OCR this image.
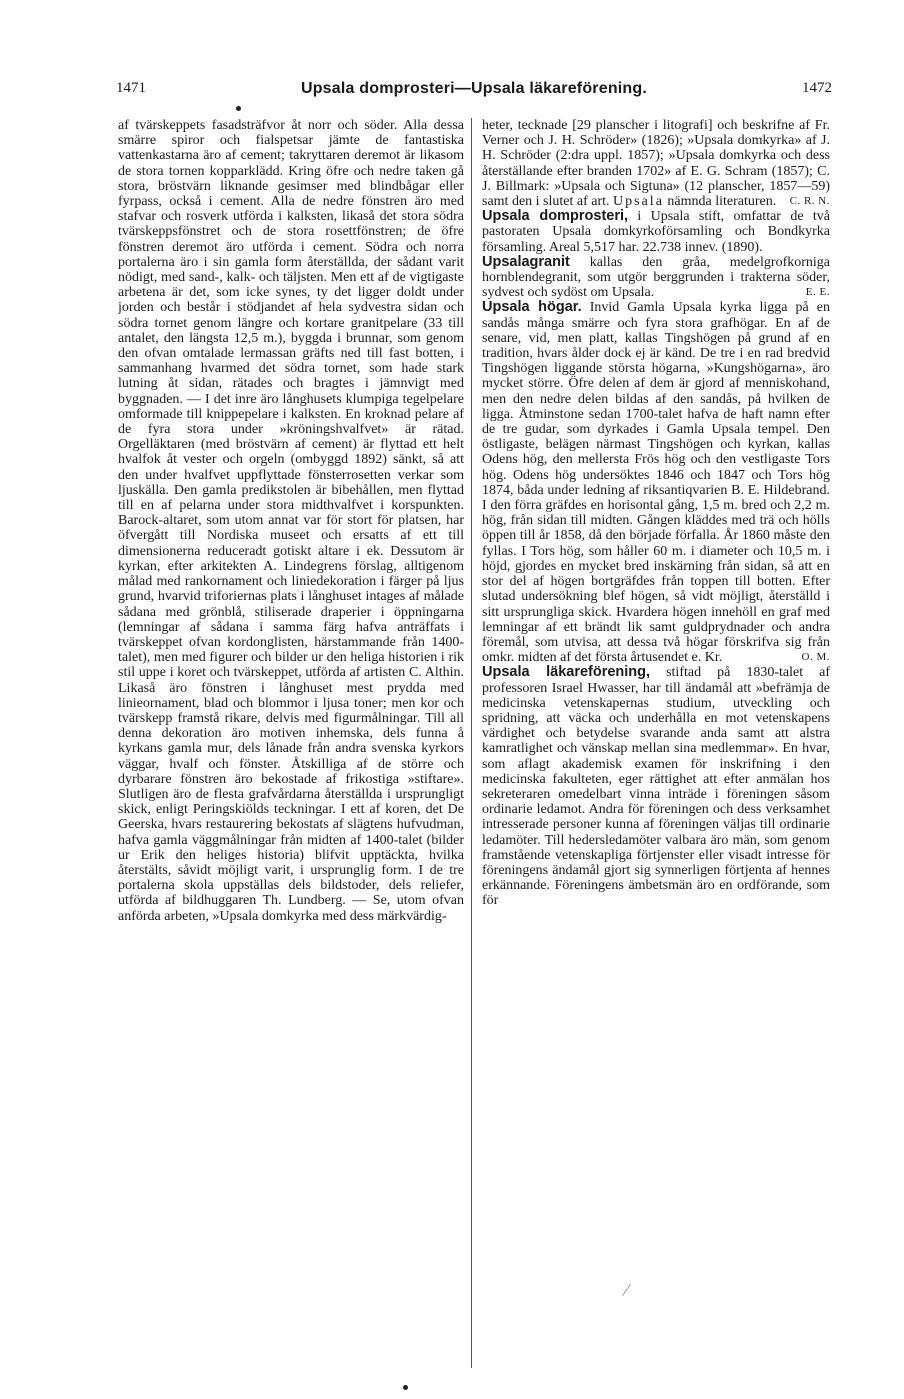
1471	Upsala domprosteri—Upsala läkareförening.	1472

af tvärskeppets fasadsträfvor åt norr och söder. Alla dessa smärre spiror och fialspetsar jämte de fantastiska vattenkastarna äro af cement; takryttaren deremot är likasom de stora tornen kopparklädd. Kring öfre och nedre taken gå stora, bröstvärn liknande gesimser med blindbågar eller fyrpass, också i cement. Alla de nedre fönstren äro med stafvar och rosverk utförda i kalksten, likaså det stora södra tvärskeppsfönstret och de stora rosettfönstren; de öfre fönstren deremot äro utförda i cement. Södra och norra portalerna äro i sin gamla form återställda, der sådant varit nödigt, med sand-, kalk- och täljsten. Men ett af de vigtigaste arbetena är det, som icke synes, ty det ligger doldt under jorden och består i stödjandet af hela sydvestra sidan och södra tornet genom längre och kortare granitpelare (33 till antalet, den längsta 12,5 m.), byggda i brunnar, som genom den ofvan omtalade lermassan gräfts ned till fast botten, i sammanhang hvarmed det södra tornet, som hade stark lutning åt sidan, rätades och bragtes i jämnvigt med byggnaden. — I det inre äro långhusets klumpiga tegelpelare omformade till knippepelare i kalksten. En kroknad pelare af de fyra stora under »kröningshvalfvet» är rätad. Orgelläktaren (med bröstvärn af cement) är flyttad ett helt hvalfok åt vester och orgeln (ombyggd 1892) sänkt, så att den under hvalfvet uppflyttade fönsterrosetten verkar som ljuskälla. Den gamla predikstolen är bibehållen, men flyttad till en af pelarna under stora midthvalfvet i korspunkten. Barock-altaret, som utom annat var för stort för platsen, har öfvergått till Nordiska museet och ersatts af ett till dimensionerna reduceradt gotiskt altare i ek. Dessutom är kyrkan, efter arkitekten A. Lindegrens förslag, alltigenom målad med rankornament och liniedekoration i färger på ljus grund, hvarvid triforiernas plats i långhuset intages af målade sådana med grönblå, stiliserade draperier i öppningarna (lemningar af sådana i samma färg hafva anträffats i tvärskeppet ofvan kordonglisten, härstammande från 1400-talet), men med figurer och bilder ur den heliga historien i rik stil uppe i koret och tvärskeppet, utförda af artisten C. Althin. Likaså äro fönstren i långhuset mest prydda med linieornament, blad och blommor i ljusa toner; men kor och tvärskepp framstå rikare, delvis med figurmålningar. Till all denna dekoration äro motiven inhemska, dels funna å kyrkans gamla mur, dels lånade från andra svenska kyrkors väggar, hvalf och fönster. Åtskilliga af de större och dyrbarare fönstren äro bekostade af frikostiga »stiftare». Slutligen äro de flesta grafvårdarna återställda i ursprungligt skick, enligt Peringskiölds teckningar. I ett af koren, det De Geerska, hvars restaurering bekostats af slägtens hufvudman, hafva gamla väggmålningar från midten af 1400-talet (bilder ur Erik den heliges historia) blifvit upptäckta, hvilka återstälts, såvidt möjligt varit, i ursprunglig form. I de tre portalerna skola uppställas dels bildstoder, dels reliefer, utförda af bildhuggaren Th. Lundberg. — Se, utom ofvan anförda arbeten, »Upsala domkyrka med dess märkvärdig-

heter, tecknade [29 planscher i litografi] och beskrifne af Fr. Verner och J. H. Schröder» (1826); »Upsala domkyrka» af J. H. Schröder (2:dra uppl. 1857); »Upsala domkyrka och dess återställande efter branden 1702» af E. G. Schram (1857); C. J. Billmark: »Upsala och Sigtuna» (12 planscher, 1857—59) samt den i slutet af art. Upsala nämnda literaturen. C. R. N.

Upsala domprosteri, i Upsala stift, omfattar de två pastoraten Upsala domkyrkoförsamling och Bondkyrka församling. Areal 5,517 har. 22.738 innev. (1890).

Upsalagranit kallas den gråa, medelgrofkorniga hornblendegranit, som utgör berggrunden i trakterna söder, sydvest och sydöst om Upsala.	E. E.

Upsala högar. Invid Gamla Upsala kyrka ligga på en sandås många smärre och fyra stora grafhögar. En af de senare, vid, men platt, kallas Tingshögen på grund af en tradition, hvars ålder dock ej är känd. De tre i en rad bredvid Tingshögen liggande största högarna, »Kungshögarna», äro mycket större. Öfre delen af dem är gjord af menniskohand, men den nedre delen bildas af den sandås, på hvilken de ligga. Åtminstone sedan 1700-talet hafva de haft namn efter de tre gudar, som dyrkades i Gamla Upsala tempel. Den östligaste, belägen närmast Tingshögen och kyrkan, kallas Odens hög, den mellersta Frös hög och den vestligaste Tors hög. Odens hög undersöktes 1846 och 1847 och Tors hög 1874, båda under ledning af riksantiqvarien B. E. Hildebrand. I den förra gräfdes en horisontal gång, 1,5 m. bred och 2,2 m. hög, från sidan till midten. Gången kläddes med trä och hölls öppen till år 1858, då den började förfalla. År 1860 måste den fyllas. I Tors hög, som håller 60 m. i diameter och 10,5 m. i höjd, gjordes en mycket bred inskärning från sidan, så att en stor del af högen bortgräfdes från toppen till botten. Efter slutad undersökning blef högen, så vidt möjligt, återställd i sitt ursprungliga skick. Hvardera högen innehöll en graf med lemningar af ett brändt lik samt guldprydnader och andra föremål, som utvisa, att dessa två högar förskrifva sig från omkr. midten af det första årtusendet e. Kr.	O. M.

Upsala läkareförening, stiftad på 1830-talet af professoren Israel Hwasser, har till ändamål att »befrämja de medicinska vetenskapernas studium, utveckling och spridning, att väcka och underhålla en mot vetenskapens värdighet och betydelse svarande anda samt att alstra kamratlighet och vänskap mellan sina medlemmar». En hvar, som aflagt akademisk examen för inskrifning i den medicinska fakulteten, eger rättighet att efter anmälan hos sekreteraren omedelbart vinna inträde i föreningen såsom ordinarie ledamot. Andra för föreningen och dess verksamhet intresserade personer kunna af föreningen väljas till ordinarie ledamöter. Till hedersledamöter valbara äro män, som genom framstående vetenskapliga förtjenster eller visadt intresse för föreningens ändamål gjort sig synnerligen förtjenta af hennes erkännande. Föreningens ämbetsmän äro en ordförande, som för
